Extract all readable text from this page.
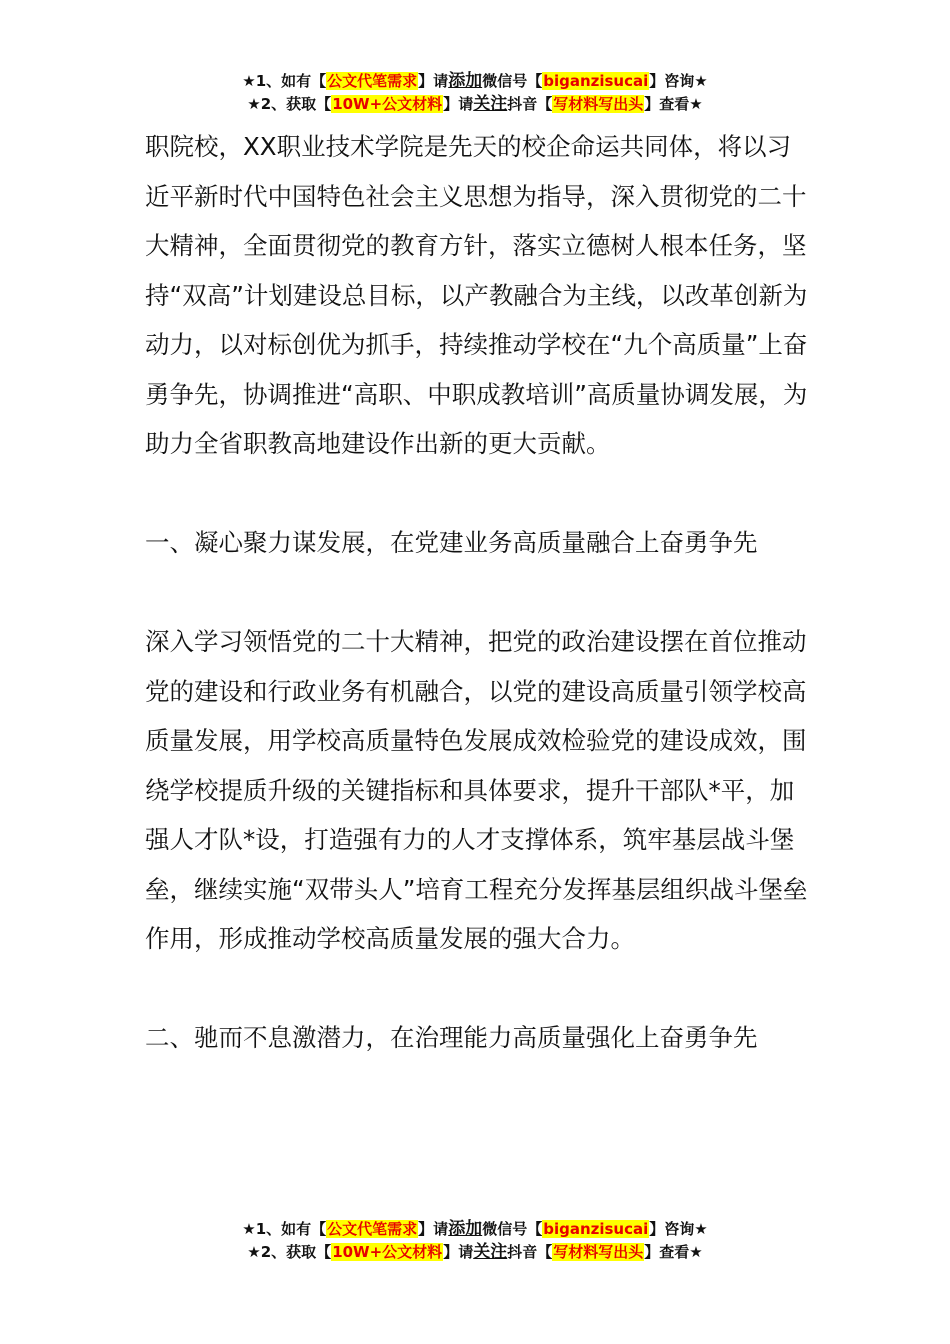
★1、如有【公文代笔需求】请添加微信号【biganzisucai】咨询★
★2、获取【10W+公文材料】请关注抖音【写材料写出头】查看★

职院校，XX职业技术学院是先天的校企命运共同体，将以习近平新时代中国特色社会主义思想为指导，深入贯彻党的二十大精神，全面贯彻党的教育方针，落实立德树人根本任务，坚持“双高”计划建设总目标，以产教融合为主线，以改革创新为动力，以对标创优为抓手，持续推动学校在“九个高质量”上奋勇争先，协调推进“高职、中职成教培训”高质量协调发展，为助力全省职教高地建设作出新的更大贡献。

一、凝心聚力谋发展，在党建业务高质量融合上奋勇争先

深入学习领悟党的二十大精神，把党的政治建设摆在首位推动党的建设和行政业务有机融合，以党的建设高质量引领学校高质量发展，用学校高质量特色发展成效检验党的建设成效，围绕学校提质升级的关键指标和具体要求，提升干部队*平，加强人才队*设，打造强有力的人才支撑体系，筑牢基层战斗堡垒，继续实施“双带头人”培育工程充分发挥基层组织战斗堡垒作用，形成推动学校高质量发展的强大合力。

二、驰而不息激潜力，在治理能力高质量强化上奋勇争先

★1、如有【公文代笔需求】请添加微信号【biganzisucai】咨询★
★2、获取【10W+公文材料】请关注抖音【写材料写出头】查看★
